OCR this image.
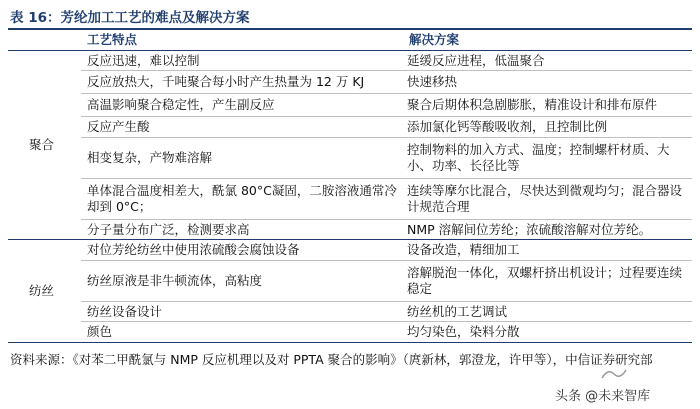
表 16：芳纶加工工艺的难点及解决方案
	工艺特点	解决方案
聚合	反应迅速，难以控制	延缓反应进程，低温聚合
	反应放热大，千吨聚合每小时产生热量为 12 万 KJ	快速移热
	高温影响聚合稳定性，产生副反应	聚合后期体积急剧膨胀，精准设计和排布原件
	反应产生酸	添加氯化钙等酸吸收剂，且控制比例
	相变复杂，产物难溶解	控制物料的加入方式、温度；控制螺杆材质、大小、功率、长径比等
	单体混合温度相差大，酰氯 80°C凝固，二胺溶液通常冷却到 0°C；	连续等摩尔比混合，尽快达到微观均匀；混合器设计规范合理
	分子量分布广泛，检测要求高	NMP 溶解间位芳纶；浓硫酸溶解对位芳纶。
纺丝	对位芳纶纺丝中使用浓硫酸会腐蚀设备	设备改造，精细加工
	纺丝原液是非牛顿流体，高粘度	溶解脱泡一体化，双螺杆挤出机设计；过程要连续稳定
	纺丝设备设计	纺丝机的工艺调试
	颜色	均匀染色，染料分散
资料来源：《对苯二甲酰氯与 NMP 反应机理以及对 PPTA 聚合的影响》（庹新林，郭澄龙，许甲等），中信证券研究部
头条 @未来智库
